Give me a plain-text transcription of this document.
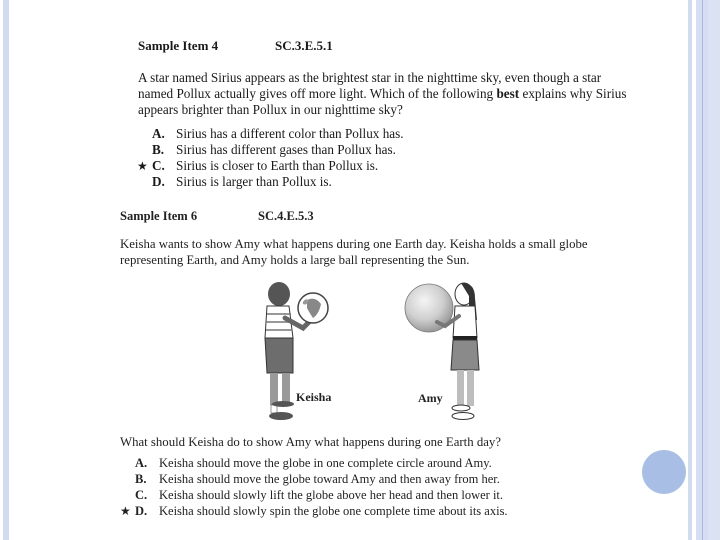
Sample Item 4	SC.3.E.5.1
A star named Sirius appears as the brightest star in the nighttime sky, even though a star named Pollux actually gives off more light. Which of the following best explains why Sirius appears brighter than Pollux in our nighttime sky?
A. Sirius has a different color than Pollux has.
B. Sirius has different gases than Pollux has.
★ C. Sirius is closer to Earth than Pollux is.
D. Sirius is larger than Pollux is.
Sample Item 6	SC.4.E.5.3
Keisha wants to show Amy what happens during one Earth day. Keisha holds a small globe representing Earth, and Amy holds a large ball representing the Sun.
Keisha	Amy
What should Keisha do to show Amy what happens during one Earth day?
A. Keisha should move the globe in one complete circle around Amy.
B. Keisha should move the globe toward Amy and then away from her.
C. Keisha should slowly lift the globe above her head and then lower it.
★ D. Keisha should slowly spin the globe one complete time about its axis.
